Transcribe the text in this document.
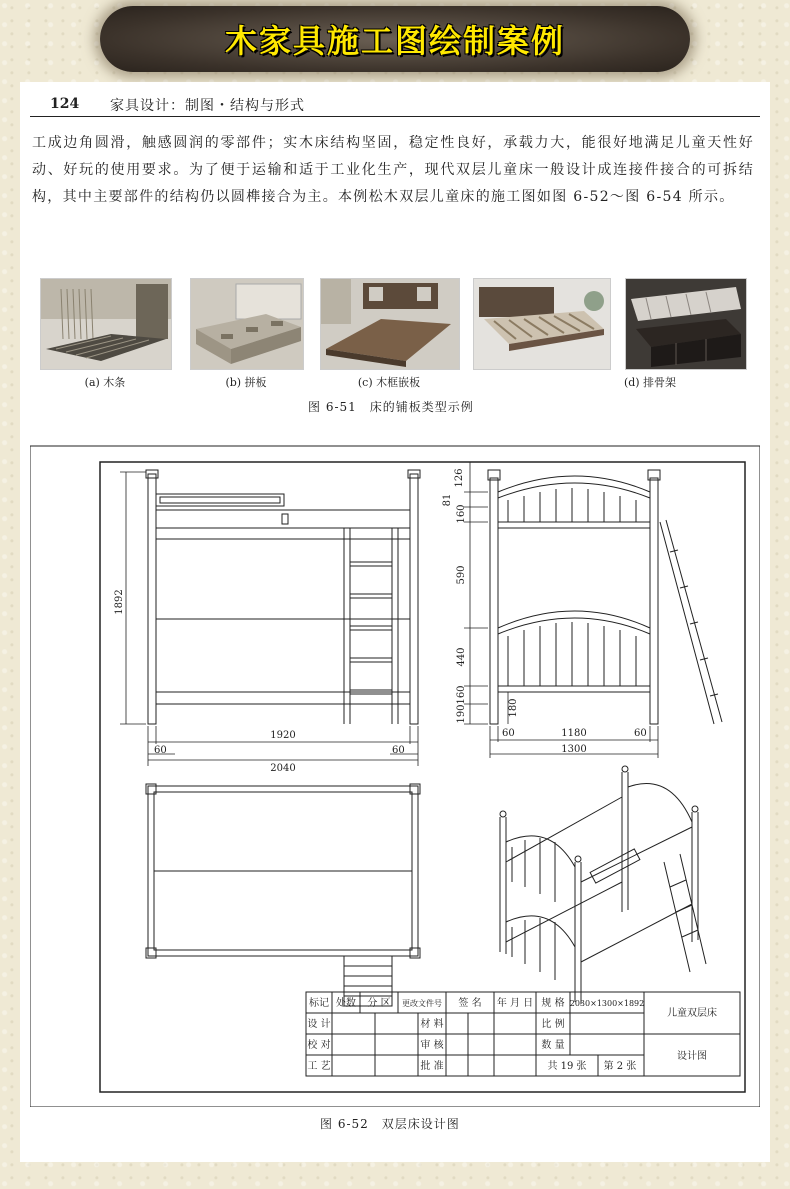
木家具施工图绘制案例
124 家具设计：制图・结构与形式

工成边角圆滑，触感圆润的零部件；实木床结构坚固，稳定性良好，承载力大，能很好地满足儿童天性好动、好玩的使用要求。为了便于运输和适于工业化生产，现代双层儿童床一般设计成连接件接合的可拆结构，其中主要部件的结构仍以圆榫接合为主。本例松木双层儿童床的施工图如图 6-52～图 6-54 所示。

(a) 木条	(b) 拼板	(c) 木框嵌板	(d) 排骨架
图 6-51　床的铺板类型示例
1892
1920
2040
60	60
126
81
160
590
440
160
190	180
1180
60	60
1300
标记 处数 分 区 更改文件号 签 名 年 月 日 规 格 2030×1300×1892
儿童双层床
设 计	材 料	比 例
校 对	审 核	数 量
工 艺	批 准	共 19 张 第 2 张
设计图
图 6-52　双层床设计图
